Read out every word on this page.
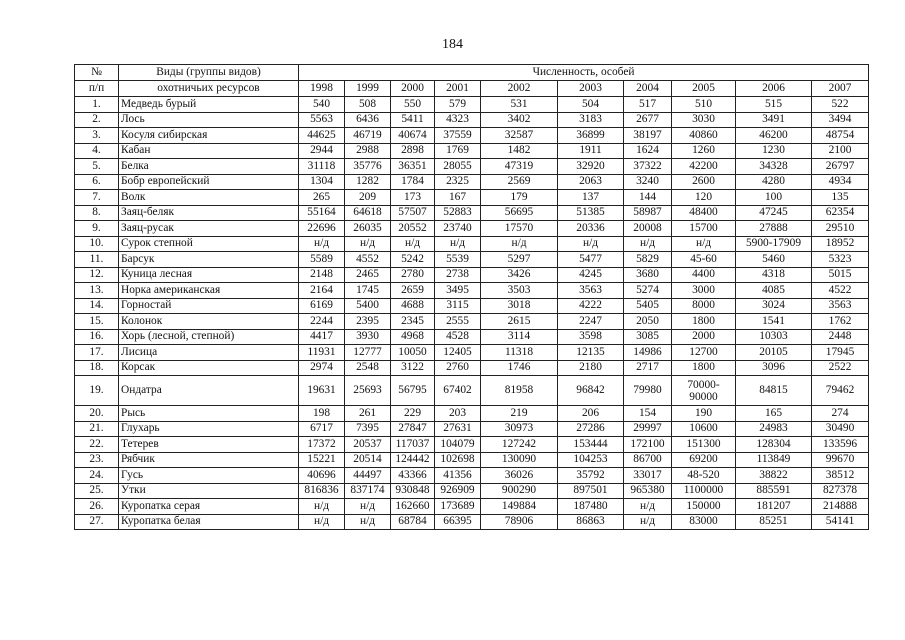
184
№	Виды (группы видов)	Численность, особей									
п/п	охотничьих ресурсов	1998	1999	2000	2001	2002	2003	2004	2005	2006	2007
1.	Медведь бурый	540	508	550	579	531	504	517	510	515	522
2.	Лось	5563	6436	5411	4323	3402	3183	2677	3030	3491	3494
3.	Косуля сибирская	44625	46719	40674	37559	32587	36899	38197	40860	46200	48754
4.	Кабан	2944	2988	2898	1769	1482	1911	1624	1260	1230	2100
5.	Белка	31118	35776	36351	28055	47319	32920	37322	42200	34328	26797
6.	Бобр европейский	1304	1282	1784	2325	2569	2063	3240	2600	4280	4934
7.	Волк	265	209	173	167	179	137	144	120	100	135
8.	Заяц-беляк	55164	64618	57507	52883	56695	51385	58987	48400	47245	62354
9.	Заяц-русак	22696	26035	20552	23740	17570	20336	20008	15700	27888	29510
10.	Сурок степной	н/д	н/д	н/д	н/д	н/д	н/д	н/д	н/д	5900-17909	18952
11.	Барсук	5589	4552	5242	5539	5297	5477	5829	45-60	5460	5323
12.	Куница лесная	2148	2465	2780	2738	3426	4245	3680	4400	4318	5015
13.	Норка американская	2164	1745	2659	3495	3503	3563	5274	3000	4085	4522
14.	Горностай	6169	5400	4688	3115	3018	4222	5405	8000	3024	3563
15.	Колонок	2244	2395	2345	2555	2615	2247	2050	1800	1541	1762
16.	Хорь (лесной, степной)	4417	3930	4968	4528	3114	3598	3085	2000	10303	2448
17.	Лисица	11931	12777	10050	12405	11318	12135	14986	12700	20105	17945
18.	Корсак	2974	2548	3122	2760	1746	2180	2717	1800	3096	2522
19.	Ондатра	19631	25693	56795	67402	81958	96842	79980	70000-
90000	84815	79462
20.	Рысь	198	261	229	203	219	206	154	190	165	274
21.	Глухарь	6717	7395	27847	27631	30973	27286	29997	10600	24983	30490
22.	Тетерев	17372	20537	117037	104079	127242	153444	172100	151300	128304	133596
23.	Рябчик	15221	20514	124442	102698	130090	104253	86700	69200	113849	99670
24.	Гусь	40696	44497	43366	41356	36026	35792	33017	48-520	38822	38512
25.	Утки	816836	837174	930848	926909	900290	897501	965380	1100000	885591	827378
26.	Куропатка серая	н/д	н/д	162660	173689	149884	187480	н/д	150000	181207	214888
27.	Куропатка белая	н/д	н/д	68784	66395	78906	86863	н/д	83000	85251	54141
